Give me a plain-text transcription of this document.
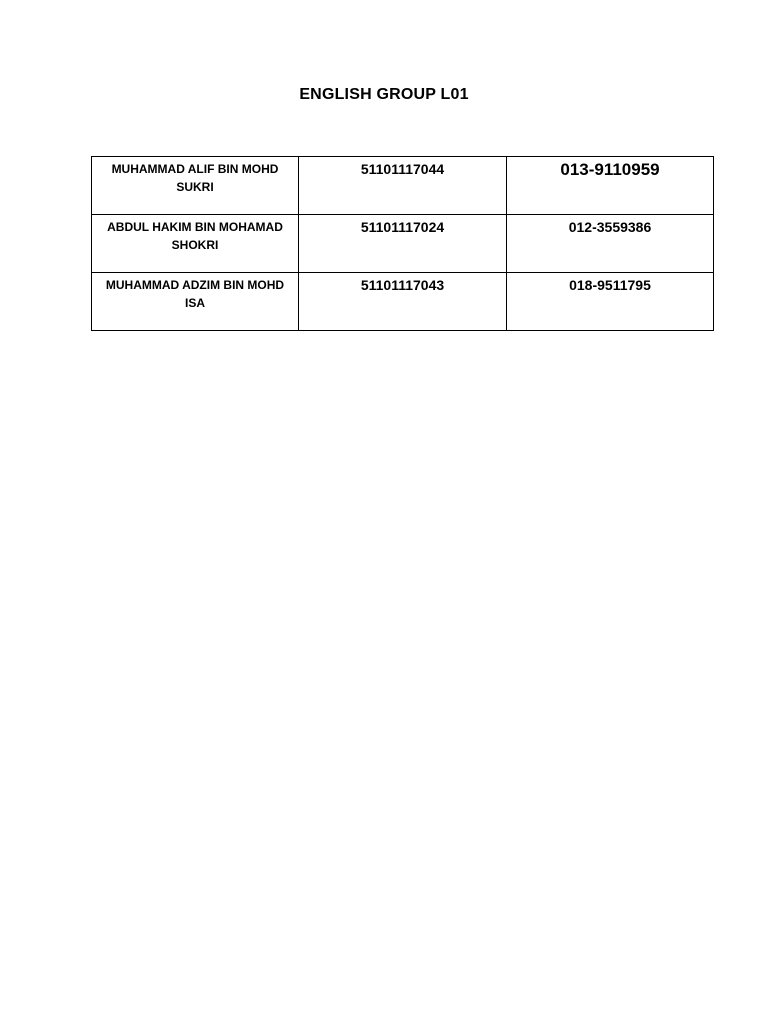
ENGLISH GROUP L01
MUHAMMAD ALIF BIN MOHD SUKRI	51101117044	013-9110959
ABDUL HAKIM BIN MOHAMAD SHOKRI	51101117024	012-3559386
MUHAMMAD ADZIM BIN MOHD ISA	51101117043	018-9511795
